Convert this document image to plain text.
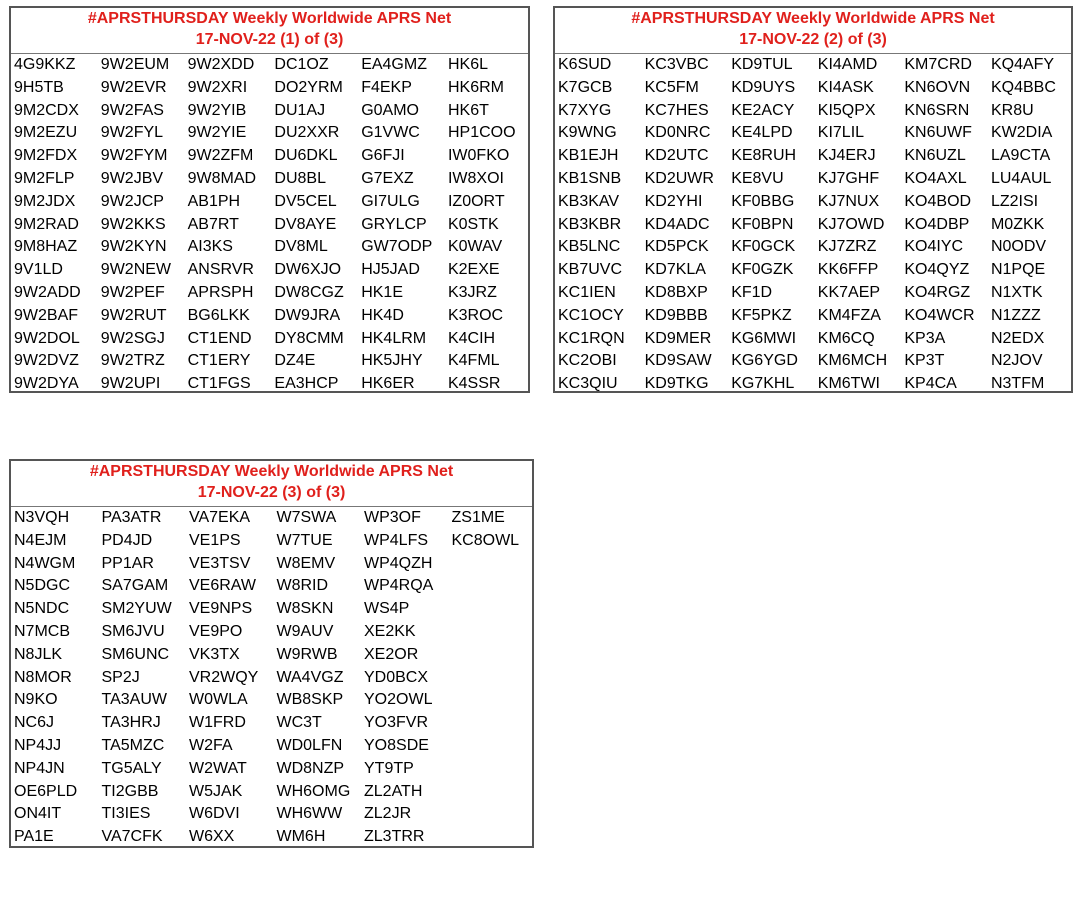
#APRSTHURSDAY Weekly Worldwide APRS Net
17-NOV-22 (1) of (3)
4G9KKZ	9W2EUM	9W2XDD	DC1OZ	EA4GMZ	HK6L
9H5TB	9W2EVR	9W2XRI	DO2YRM	F4EKP	HK6RM
9M2CDX	9W2FAS	9W2YIB	DU1AJ	G0AMO	HK6T
9M2EZU	9W2FYL	9W2YIE	DU2XXR	G1VWC	HP1COO
9M2FDX	9W2FYM	9W2ZFM	DU6DKL	G6FJI	IW0FKO
9M2FLP	9W2JBV	9W8MAD	DU8BL	G7EXZ	IW8XOI
9M2JDX	9W2JCP	AB1PH	DV5CEL	GI7ULG	IZ0ORT
9M2RAD	9W2KKS	AB7RT	DV8AYE	GRYLCP	K0STK
9M8HAZ	9W2KYN	AI3KS	DV8ML	GW7ODP K0WAV
9V1LD	9W2NEW	ANSRVR	DW6XJO	HJ5JAD	K2EXE
9W2ADD	9W2PEF	APRSPH	DW8CGZ	HK1E	K3JRZ
9W2BAF	9W2RUT	BG6LKK	DW9JRA	HK4D	K3ROC
9W2DOL	9W2SGJ	CT1END	DY8CMM	HK4LRM	K4CIH
9W2DVZ	9W2TRZ	CT1ERY	DZ4E	HK5JHY	K4FML
9W2DYA	9W2UPI	CT1FGS	EA3HCP	HK6ER	K4SSR
#APRSTHURSDAY Weekly Worldwide APRS Net
17-NOV-22 (2) of (3)
K6SUD	KC3VBC	KD9TUL	KI4AMD	KM7CRD	KQ4AFY
K7GCB	KC5FM	KD9UYS	KI4ASK	KN6OVN	KQ4BBC
K7XYG	KC7HES	KE2ACY	KI5QPX	KN6SRN	KR8U
K9WNG	KD0NRC	KE4LPD	KI7LIL	KN6UWF	KW2DIA
KB1EJH	KD2UTC	KE8RUH	KJ4ERJ	KN6UZL	LA9CTA
KB1SNB	KD2UWR	KE8VU	KJ7GHF	KO4AXL	LU4AUL
KB3KAV	KD2YHI	KF0BBG	KJ7NUX	KO4BOD	LZ2ISI
KB3KBR	KD4ADC	KF0BPN	KJ7OWD	KO4DBP	M0ZKK
KB5LNC	KD5PCK	KF0GCK	KJ7ZRZ	KO4IYC	N0ODV
KB7UVC	KD7KLA	KF0GZK	KK6FFP	KO4QYZ	N1PQE
KC1IEN	KD8BXP	KF1D	KK7AEP	KO4RGZ	N1XTK
KC1OCY	KD9BBB	KF5PKZ	KM4FZA	KO4WCR	N1ZZZ
KC1RQN	KD9MER	KG6MWI	KM6CQ	KP3A	N2EDX
KC2OBI	KD9SAW	KG6YGD	KM6MCH	KP3T	N2JOV
KC3QIU	KD9TKG	KG7KHL	KM6TWI	KP4CA	N3TFM
#APRSTHURSDAY Weekly Worldwide APRS Net
17-NOV-22 (3) of (3)
N3VQH	PA3ATR	VA7EKA	W7SWA	WP3OF	ZS1ME
N4EJM	PD4JD	VE1PS	W7TUE	WP4LFS	KC8OWL
N4WGM	PP1AR	VE3TSV	W8EMV	WP4QZH
N5DGC	SA7GAM	VE6RAW	W8RID	WP4RQA
N5NDC	SM2YUW	VE9NPS	W8SKN	WS4P
N7MCB	SM6JVU	VE9PO	W9AUV	XE2KK
N8JLK	SM6UNC	VK3TX	W9RWB	XE2OR
N8MOR	SP2J	VR2WQY	WA4VGZ	YD0BCX
N9KO	TA3AUW	W0WLA	WB8SKP	YO2OWL
NC6J	TA3HRJ	W1FRD	WC3T	YO3FVR
NP4JJ	TA5MZC	W2FA	WD0LFN	YO8SDE
NP4JN	TG5ALY	W2WAT	WD8NZP	YT9TP
OE6PLD	TI2GBB	W5JAK	WH6OMG ZL2ATH
ON4IT	TI3IES	W6DVI	WH6WW	ZL2JR
PA1E	VA7CFK	W6XX	WM6H	ZL3TRR
